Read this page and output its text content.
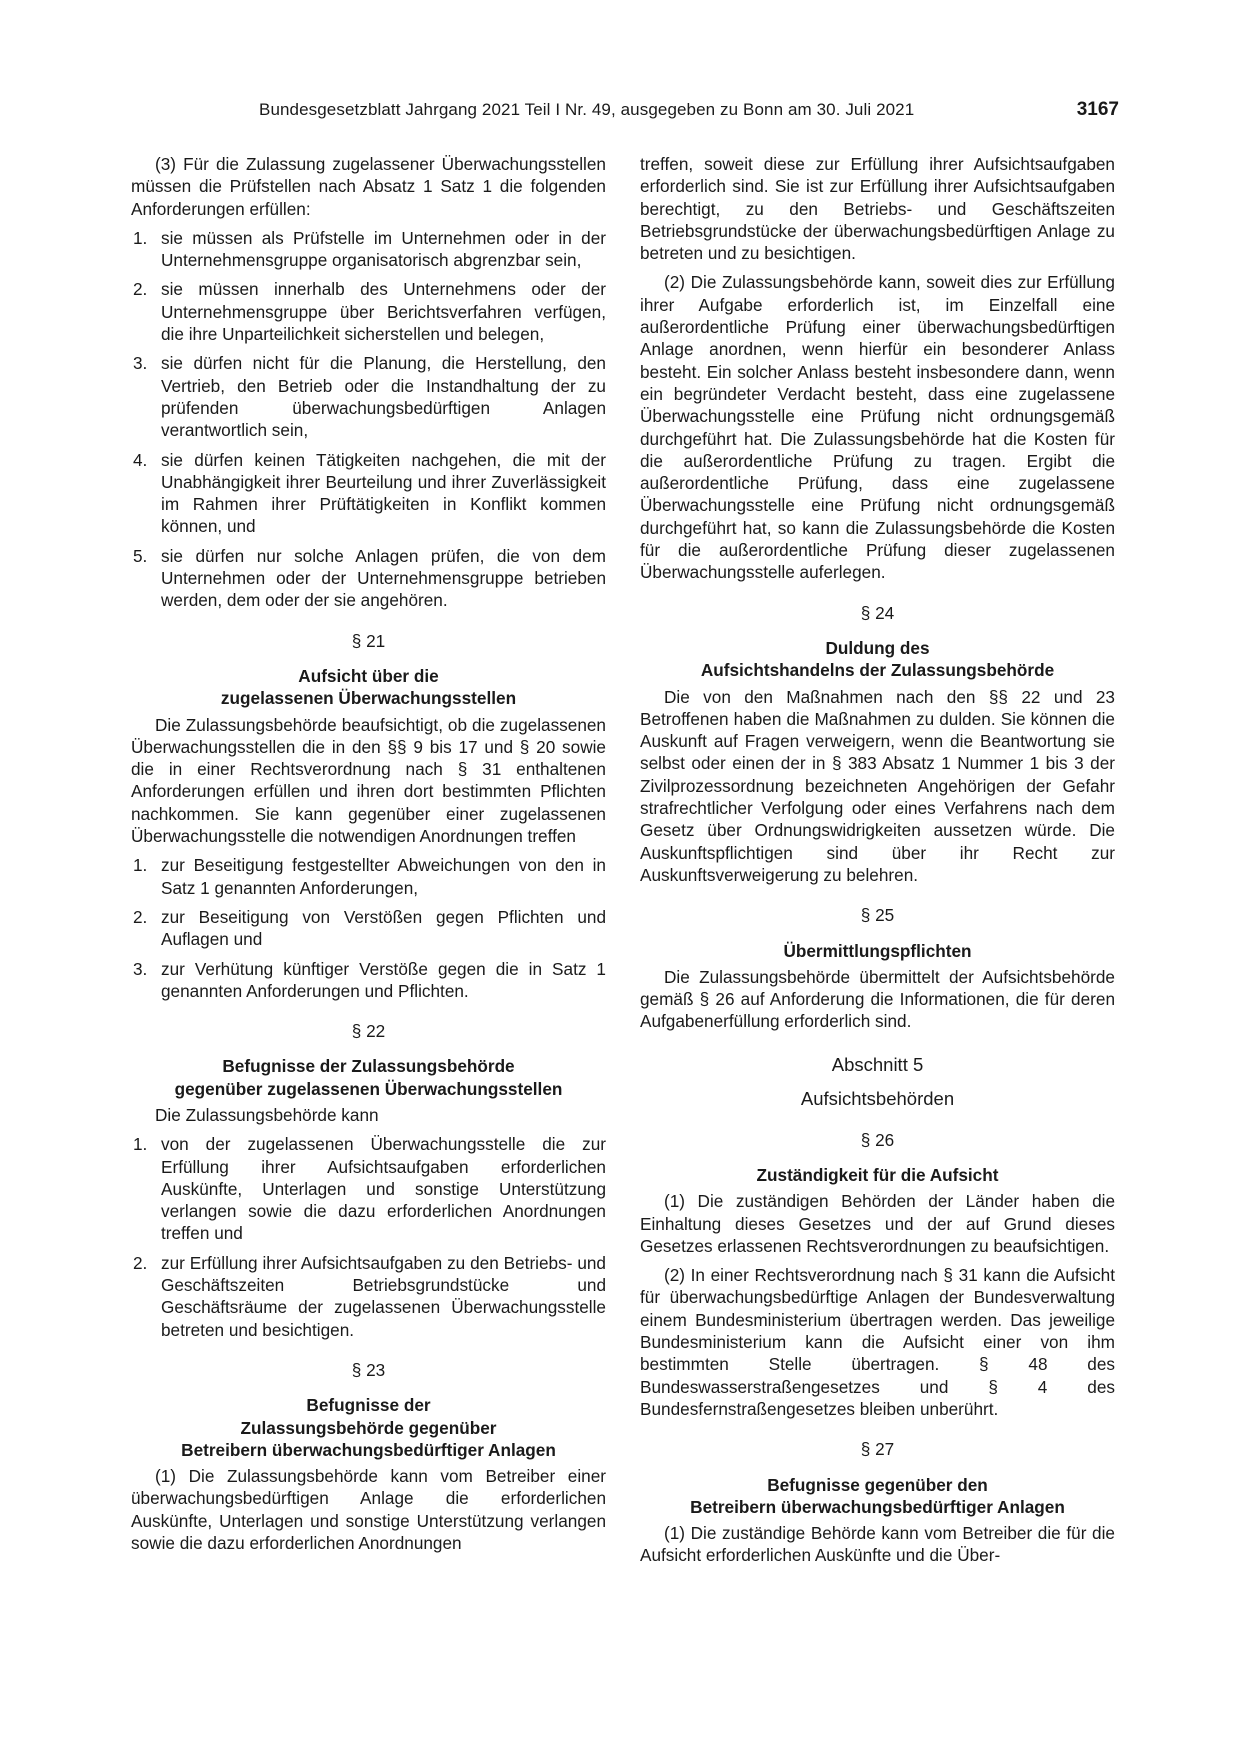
Bundesgesetzblatt Jahrgang 2021 Teil I Nr. 49, ausgegeben zu Bonn am 30. Juli 2021	3167

(3) Für die Zulassung zugelassener Überwachungsstellen müssen die Prüfstellen nach Absatz 1 Satz 1 die folgenden Anforderungen erfüllen:

1. sie müssen als Prüfstelle im Unternehmen oder in der Unternehmensgruppe organisatorisch abgrenzbar sein,
2. sie müssen innerhalb des Unternehmens oder der Unternehmensgruppe über Berichtsverfahren verfügen, die ihre Unparteilichkeit sicherstellen und belegen,
3. sie dürfen nicht für die Planung, die Herstellung, den Vertrieb, den Betrieb oder die Instandhaltung der zu prüfenden überwachungsbedürftigen Anlagen verantwortlich sein,
4. sie dürfen keinen Tätigkeiten nachgehen, die mit der Unabhängigkeit ihrer Beurteilung und ihrer Zuverlässigkeit im Rahmen ihrer Prüftätigkeiten in Konflikt kommen können, und
5. sie dürfen nur solche Anlagen prüfen, die von dem Unternehmen oder der Unternehmensgruppe betrieben werden, dem oder der sie angehören.
§ 21
Aufsicht über die
zugelassenen Überwachungsstellen

Die Zulassungsbehörde beaufsichtigt, ob die zugelassenen Überwachungsstellen die in den §§ 9 bis 17 und § 20 sowie die in einer Rechtsverordnung nach § 31 enthaltenen Anforderungen erfüllen und ihren dort bestimmten Pflichten nachkommen. Sie kann gegenüber einer zugelassenen Überwachungsstelle die notwendigen Anordnungen treffen

1. zur Beseitigung festgestellter Abweichungen von den in Satz 1 genannten Anforderungen,
2. zur Beseitigung von Verstößen gegen Pflichten und Auflagen und
3. zur Verhütung künftiger Verstöße gegen die in Satz 1 genannten Anforderungen und Pflichten.
§ 22
Befugnisse der Zulassungsbehörde
gegenüber zugelassenen Überwachungsstellen

Die Zulassungsbehörde kann

1. von der zugelassenen Überwachungsstelle die zur Erfüllung ihrer Aufsichtsaufgaben erforderlichen Auskünfte, Unterlagen und sonstige Unterstützung verlangen sowie die dazu erforderlichen Anordnungen treffen und
2. zur Erfüllung ihrer Aufsichtsaufgaben zu den Betriebs- und Geschäftszeiten Betriebsgrundstücke und Geschäftsräume der zugelassenen Überwachungsstelle betreten und besichtigen.
§ 23
Befugnisse der
Zulassungsbehörde gegenüber
Betreibern überwachungsbedürftiger Anlagen

(1) Die Zulassungsbehörde kann vom Betreiber einer überwachungsbedürftigen Anlage die erforderlichen Auskünfte, Unterlagen und sonstige Unterstützung verlangen sowie die dazu erforderlichen Anordnungen

treffen, soweit diese zur Erfüllung ihrer Aufsichtsaufgaben erforderlich sind. Sie ist zur Erfüllung ihrer Aufsichtsaufgaben berechtigt, zu den Betriebs- und Geschäftszeiten Betriebsgrundstücke der überwachungsbedürftigen Anlage zu betreten und zu besichtigen.

(2) Die Zulassungsbehörde kann, soweit dies zur Erfüllung ihrer Aufgabe erforderlich ist, im Einzelfall eine außerordentliche Prüfung einer überwachungsbedürftigen Anlage anordnen, wenn hierfür ein besonderer Anlass besteht. Ein solcher Anlass besteht insbesondere dann, wenn ein begründeter Verdacht besteht, dass eine zugelassene Überwachungsstelle eine Prüfung nicht ordnungsgemäß durchgeführt hat. Die Zulassungsbehörde hat die Kosten für die außerordentliche Prüfung zu tragen. Ergibt die außerordentliche Prüfung, dass eine zugelassene Überwachungsstelle eine Prüfung nicht ordnungsgemäß durchgeführt hat, so kann die Zulassungsbehörde die Kosten für die außerordentliche Prüfung dieser zugelassenen Überwachungsstelle auferlegen.

§ 24
Duldung des
Aufsichtshandelns der Zulassungsbehörde

Die von den Maßnahmen nach den §§ 22 und 23 Betroffenen haben die Maßnahmen zu dulden. Sie können die Auskunft auf Fragen verweigern, wenn die Beantwortung sie selbst oder einen der in § 383 Absatz 1 Nummer 1 bis 3 der Zivilprozessordnung bezeichneten Angehörigen der Gefahr strafrechtlicher Verfolgung oder eines Verfahrens nach dem Gesetz über Ordnungswidrigkeiten aussetzen würde. Die Auskunftspflichtigen sind über ihr Recht zur Auskunftsverweigerung zu belehren.

§ 25
Übermittlungspflichten

Die Zulassungsbehörde übermittelt der Aufsichtsbehörde gemäß § 26 auf Anforderung die Informationen, die für deren Aufgabenerfüllung erforderlich sind.

Abschnitt 5
Aufsichtsbehörden
§ 26
Zuständigkeit für die Aufsicht

(1) Die zuständigen Behörden der Länder haben die Einhaltung dieses Gesetzes und der auf Grund dieses Gesetzes erlassenen Rechtsverordnungen zu beaufsichtigen.

(2) In einer Rechtsverordnung nach § 31 kann die Aufsicht für überwachungsbedürftige Anlagen der Bundesverwaltung einem Bundesministerium übertragen werden. Das jeweilige Bundesministerium kann die Aufsicht einer von ihm bestimmten Stelle übertragen. § 48 des Bundeswasserstraßengesetzes und § 4 des Bundesfernstraßengesetzes bleiben unberührt.

§ 27
Befugnisse gegenüber den
Betreibern überwachungsbedürftiger Anlagen

(1) Die zuständige Behörde kann vom Betreiber die für die Aufsicht erforderlichen Auskünfte und die Über-
